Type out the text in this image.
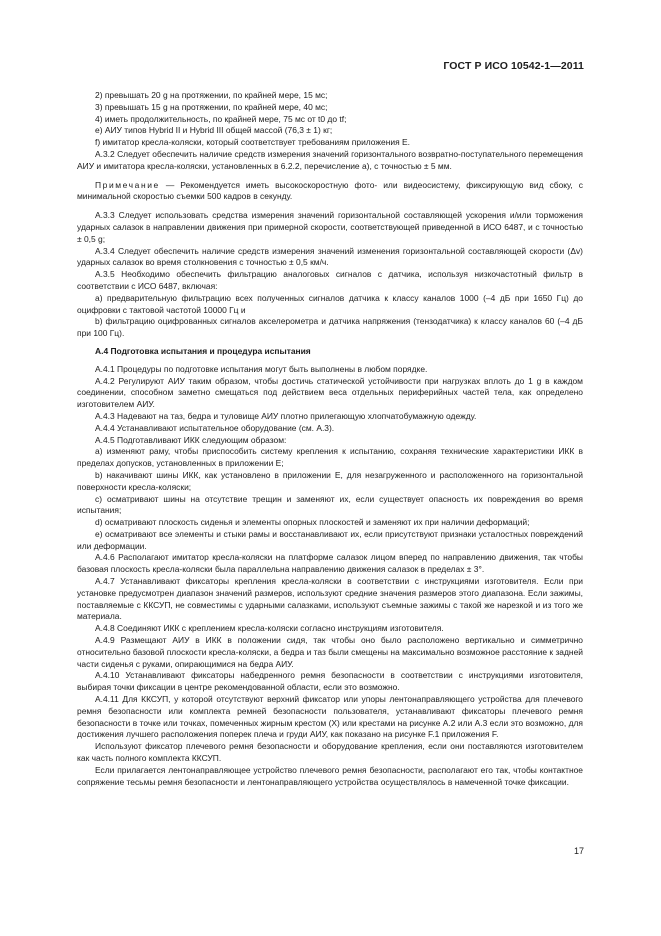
ГОСТ Р ИСО 10542-1—2011

2) превышать 20 g на протяжении, по крайней мере, 15 мс;

3) превышать 15 g на протяжении, по крайней мере, 40 мс;

4) иметь продолжительность, по крайней мере, 75 мс от t0 до tf;

e) АИУ типов Hybrid II и Hybrid III общей массой (76,3 ± 1) кг;

f) имитатор кресла-коляски, который соответствует требованиям приложения Е.

А.3.2 Следует обеспечить наличие средств измерения значений горизонтального возвратно-поступательного перемещения АИУ и имитатора кресла-коляски, установленных в 6.2.2, перечисление а), с точностью ± 5 мм.

Примечание — Рекомендуется иметь высокоскоростную фото- или видеосистему, фиксирующую вид сбоку, с минимальной скоростью съемки 500 кадров в секунду.

А.3.3 Следует использовать средства измерения значений горизонтальной составляющей ускорения и/или торможения ударных салазок в направлении движения при примерной скорости, соответствующей приведенной в ИСО 6487, и с точностью ± 0,5 g;

А.3.4 Следует обеспечить наличие средств измерения значений изменения горизонтальной составляющей скорости (Δv) ударных салазок во время столкновения с точностью ± 0,5 км/ч.

А.3.5 Необходимо обеспечить фильтрацию аналоговых сигналов с датчика, используя низкочастотный фильтр в соответствии с ИСО 6487, включая:

а) предварительную фильтрацию всех полученных сигналов датчика к классу каналов 1000 (–4 дБ при 1650 Гц) до оцифровки с тактовой частотой 10000 Гц и

b) фильтрацию оцифрованных сигналов акселерометра и датчика напряжения (тензодатчика) к классу каналов 60 (–4 дБ при 100 Гц).

А.4 Подготовка испытания и процедура испытания

А.4.1 Процедуры по подготовке испытания могут быть выполнены в любом порядке.

А.4.2 Регулируют АИУ таким образом, чтобы достичь статической устойчивости при нагрузках вплоть до 1 g в каждом соединении, способном заметно смещаться под действием веса отдельных периферийных частей тела, как определено изготовителем АИУ.

А.4.3 Надевают на таз, бедра и туловище АИУ плотно прилегающую хлопчатобумажную одежду.

А.4.4 Устанавливают испытательное оборудование (см. А.3).

А.4.5 Подготавливают ИКК следующим образом:

а) изменяют раму, чтобы приспособить систему крепления к испытанию, сохраняя технические характеристики ИКК в пределах допусков, установленных в приложении Е;

b) накачивают шины ИКК, как установлено в приложении Е, для незагруженного и расположенного на горизонтальной поверхности кресла-коляски;

c) осматривают шины на отсутствие трещин и заменяют их, если существует опасность их повреждения во время испытания;

d) осматривают плоскость сиденья и элементы опорных плоскостей и заменяют их при наличии деформаций;

e) осматривают все элементы и стыки рамы и восстанавливают их, если присутствуют признаки усталостных повреждений или деформации.

А.4.6 Располагают имитатор кресла-коляски на платформе салазок лицом вперед по направлению движения, так чтобы базовая плоскость кресла-коляски была параллельна направлению движения салазок в пределах ± 3°.

А.4.7 Устанавливают фиксаторы крепления кресла-коляски в соответствии с инструкциями изготовителя. Если при установке предусмотрен диапазон значений размеров, используют средние значения размеров этого диапазона. Если зажимы, поставляемые с ККСУП, не совместимы с ударными салазками, используют съемные зажимы с такой же нарезкой и из того же материала.

А.4.8 Соединяют ИКК с креплением кресла-коляски согласно инструкциям изготовителя.

А.4.9 Размещают АИУ в ИКК в положении сидя, так чтобы оно было расположено вертикально и симметрично относительно базовой плоскости кресла-коляски, а бедра и таз были смещены на максимально возможное расстояние к задней части сиденья с руками, опирающимися на бедра АИУ.

А.4.10 Устанавливают фиксаторы набедренного ремня безопасности в соответствии с инструкциями изготовителя, выбирая точки фиксации в центре рекомендованной области, если это возможно.

А.4.11 Для ККСУП, у которой отсутствуют верхний фиксатор или упоры лентонаправляющего устройства для плечевого ремня безопасности или комплекта ремней безопасности пользователя, устанавливают фиксаторы плечевого ремня безопасности в точке или точках, помеченных жирным крестом (X) или крестами на рисунке А.2 или А.3 если это возможно, для достижения лучшего расположения поперек плеча и груди АИУ, как показано на рисунке F.1 приложения F.

Используют фиксатор плечевого ремня безопасности и оборудование крепления, если они поставляются изготовителем как часть полного комплекта ККСУП.

Если прилагается лентонаправляющее устройство плечевого ремня безопасности, располагают его так, чтобы контактное сопряжение тесьмы ремня безопасности и лентонаправляющего устройства осуществлялось в намеченной точке фиксации.

17
